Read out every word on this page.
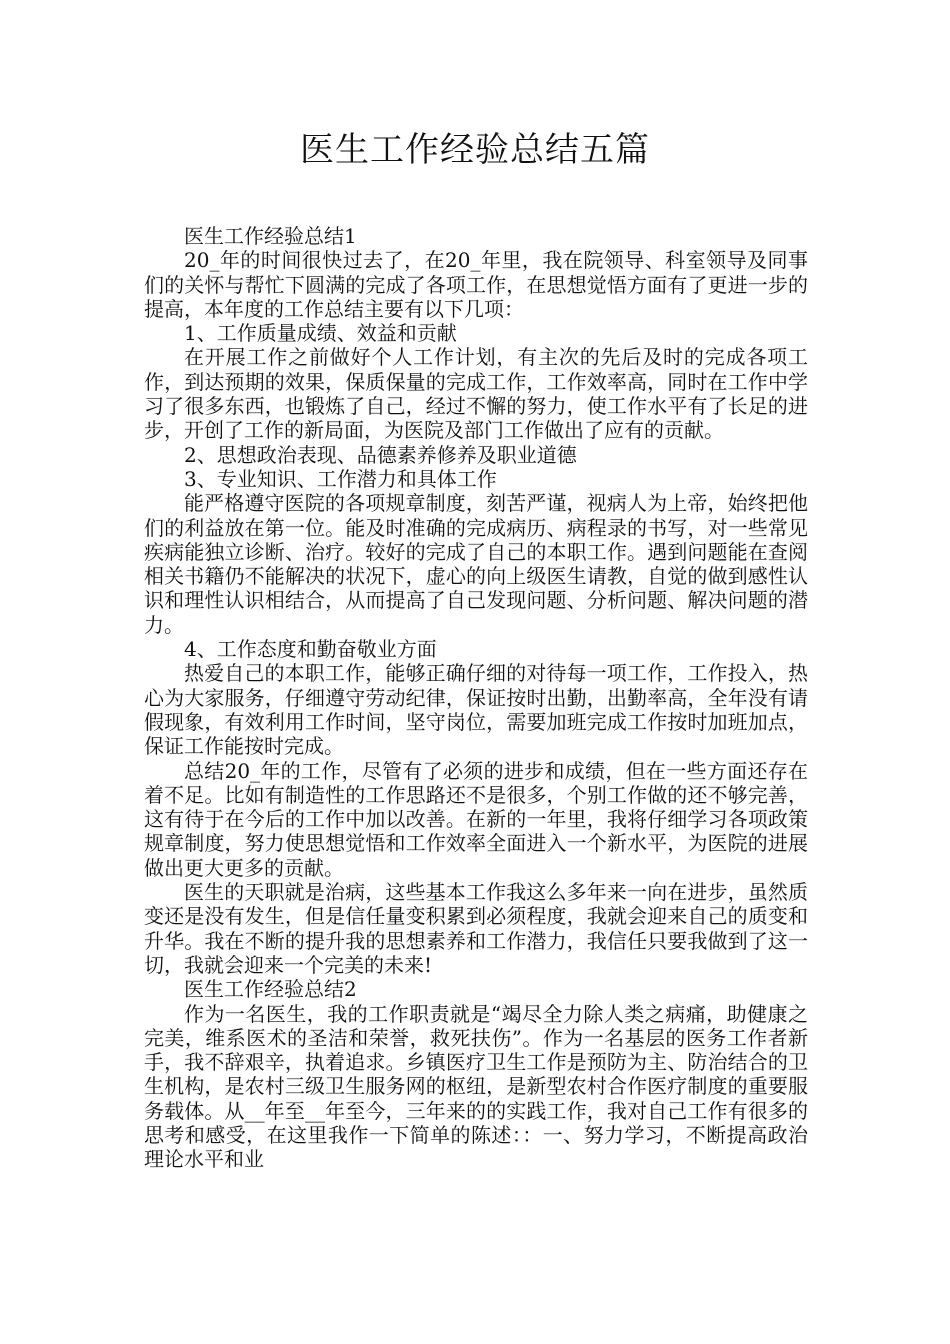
医生工作经验总结五篇

医生工作经验总结1

20_年的时间很快过去了，在20_年里，我在院领导、科室领导及同事们的关怀与帮忙下圆满的完成了各项工作，在思想觉悟方面有了更进一步的提高，本年度的工作总结主要有以下几项：

1、工作质量成绩、效益和贡献

在开展工作之前做好个人工作计划，有主次的先后及时的完成各项工作，到达预期的效果，保质保量的完成工作，工作效率高，同时在工作中学习了很多东西，也锻炼了自己，经过不懈的努力，使工作水平有了长足的进步，开创了工作的新局面，为医院及部门工作做出了应有的贡献。

2、思想政治表现、品德素养修养及职业道德

3、专业知识、工作潜力和具体工作

能严格遵守医院的各项规章制度，刻苦严谨，视病人为上帝，始终把他们的利益放在第一位。能及时准确的完成病历、病程录的书写，对一些常见疾病能独立诊断、治疗。较好的完成了自己的本职工作。遇到问题能在查阅相关书籍仍不能解决的状况下，虚心的向上级医生请教，自觉的做到感性认识和理性认识相结合，从而提高了自己发现问题、分析问题、解决问题的潜力。

4、工作态度和勤奋敬业方面

热爱自己的本职工作，能够正确仔细的对待每一项工作，工作投入，热心为大家服务，仔细遵守劳动纪律，保证按时出勤，出勤率高，全年没有请假现象，有效利用工作时间，坚守岗位，需要加班完成工作按时加班加点，保证工作能按时完成。

总结20_年的工作，尽管有了必须的进步和成绩，但在一些方面还存在着不足。比如有制造性的工作思路还不是很多，个别工作做的还不够完善，这有待于在今后的工作中加以改善。在新的一年里，我将仔细学习各项政策规章制度，努力使思想觉悟和工作效率全面进入一个新水平，为医院的进展做出更大更多的贡献。

医生的天职就是治病，这些基本工作我这么多年来一向在进步，虽然质变还是没有发生，但是信任量变积累到必须程度，我就会迎来自己的质变和升华。我在不断的提升我的思想素养和工作潜力，我信任只要我做到了这一切，我就会迎来一个完美的未来!

医生工作经验总结2

作为一名医生，我的工作职责就是“竭尽全力除人类之病痛，助健康之完美，维系医术的圣洁和荣誉，救死扶伤”。作为一名基层的医务工作者新手，我不辞艰辛，执着追求。乡镇医疗卫生工作是预防为主、防治结合的卫生机构，是农村三级卫生服务网的枢纽，是新型农村合作医疗制度的重要服务载体。从__年至__年至今，三年来的的实践工作，我对自己工作有很多的思考和感受，在这里我作一下简单的陈述：：一、努力学习，不断提高政治理论水平和业
